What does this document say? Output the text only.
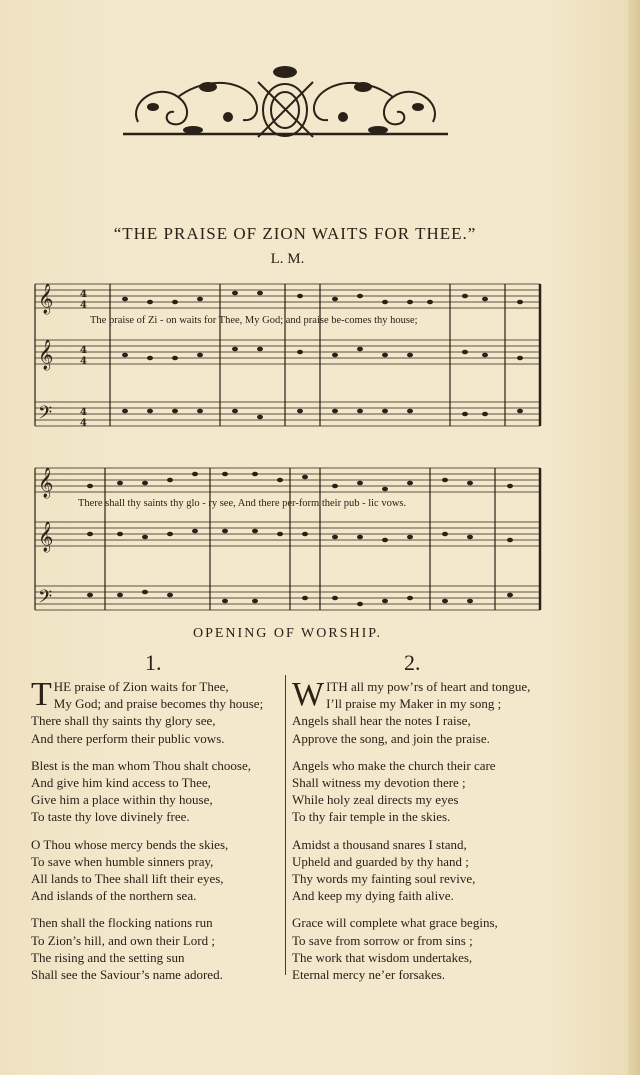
“THE PRAISE OF ZION WAITS FOR THEE.”
L. M.
𝄞
𝄞
𝄢
𝄞
𝄞
𝄢
4
4
4
4
4
4
The praise of Zi - on waits for Thee, My God; and praise be-comes thy house;
There shall thy saints thy glo - ry see, And there per-form their pub - lic vows.
OPENING OF WORSHIP.
1.	2.
T HE praise of Zion waits for Thee,

My God; and praise becomes thy house;

There shall thy saints thy glory see,

And there perform their public vows.

Blest is the man whom Thou shalt choose,

And give him kind access to Thee,

Give him a place within thy house,

To taste thy love divinely free.

O Thou whose mercy bends the skies,

To save when humble sinners pray,

All lands to Thee shall lift their eyes,

And islands of the northern sea.

Then shall the flocking nations run

To Zion’s hill, and own their Lord ;

The rising and the setting sun

Shall see the Saviour’s name adored.

W ITH all my pow’rs of heart and tongue,

I’ll praise my Maker in my song ;

Angels shall hear the notes I raise,

Approve the song, and join the praise.

Angels who make the church their care

Shall witness my devotion there ;

While holy zeal directs my eyes

To thy fair temple in the skies.

Amidst a thousand snares I stand,

Upheld and guarded by thy hand ;

Thy words my fainting soul revive,

And keep my dying faith alive.

Grace will complete what grace begins,

To save from sorrow or from sins ;

The work that wisdom undertakes,

Eternal mercy ne’er forsakes.
